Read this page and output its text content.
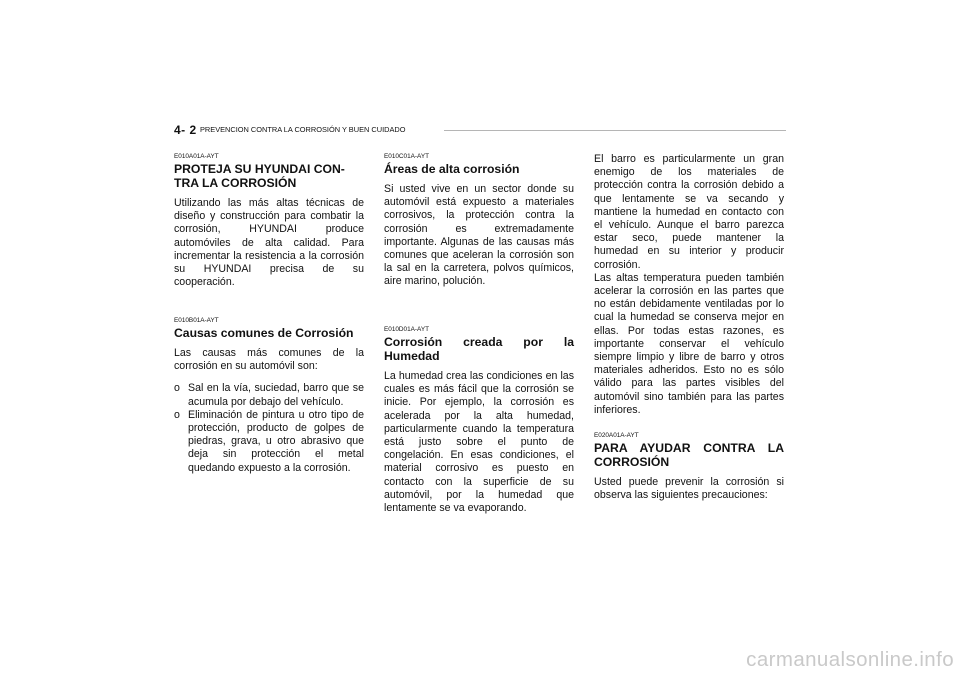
4- 2 PREVENCION CONTRA LA CORROSIÓN Y BUEN CUIDADO

E010A01A-AYT

PROTEJA SU HYUNDAI CON-
TRA LA CORROSIÓN

Utilizando las más altas técnicas de diseño y construcción para combatir la corrosión, HYUNDAI produce automóviles de alta calidad. Para incrementar la resistencia a la corrosión su HYUNDAI precisa de su cooperación.

E010B01A-AYT

Causas comunes de Corrosión

Las causas más comunes de la corrosión en su automóvil son:

o Sal en la vía, suciedad, barro que se acumula por debajo del vehículo.
o Eliminación de pintura u otro tipo de protección, producto de golpes de piedras, grava, u otro abrasivo que deja sin protección el metal quedando expuesto a la corrosión.

E010C01A-AYT

Áreas de alta corrosión

Si usted vive en un sector donde su automóvil está expuesto a materiales corrosivos, la protección contra la corrosión es extremadamente importante. Algunas de las causas más comunes que aceleran la corrosión son la sal en la carretera, polvos químicos, aire marino, polución.

E010D01A-AYT

Corrosión creada por la
Humedad

La humedad crea las condiciones en las cuales es más fácil que la corrosión se inicie. Por ejemplo, la corrosión es acelerada por la alta humedad, particularmente cuando la temperatura está justo sobre el punto de congelación. En esas condiciones, el material corrosivo es puesto en contacto con la superficie de su automóvil, por la humedad que lentamente se va evaporando.

El barro es particularmente un gran enemigo de los materiales de protección contra la corrosión debido a que lentamente se va secando y mantiene la humedad en contacto con el vehículo. Aunque el barro parezca estar seco, puede mantener la humedad en su interior y producir corrosión.

Las altas temperatura pueden también acelerar la corrosión en las partes que no están debidamente ventiladas por lo cual la humedad se conserva mejor en ellas. Por todas estas razones, es importante conservar el vehículo siempre limpio y libre de barro y otros materiales adheridos. Esto no es sólo válido para las partes visibles del automóvil sino también para las partes inferiores.

E020A01A-AYT

PARA AYUDAR CONTRA LA
CORROSIÓN

Usted puede prevenir la corrosión si observa las siguientes precauciones:

carmanualsonline.info
